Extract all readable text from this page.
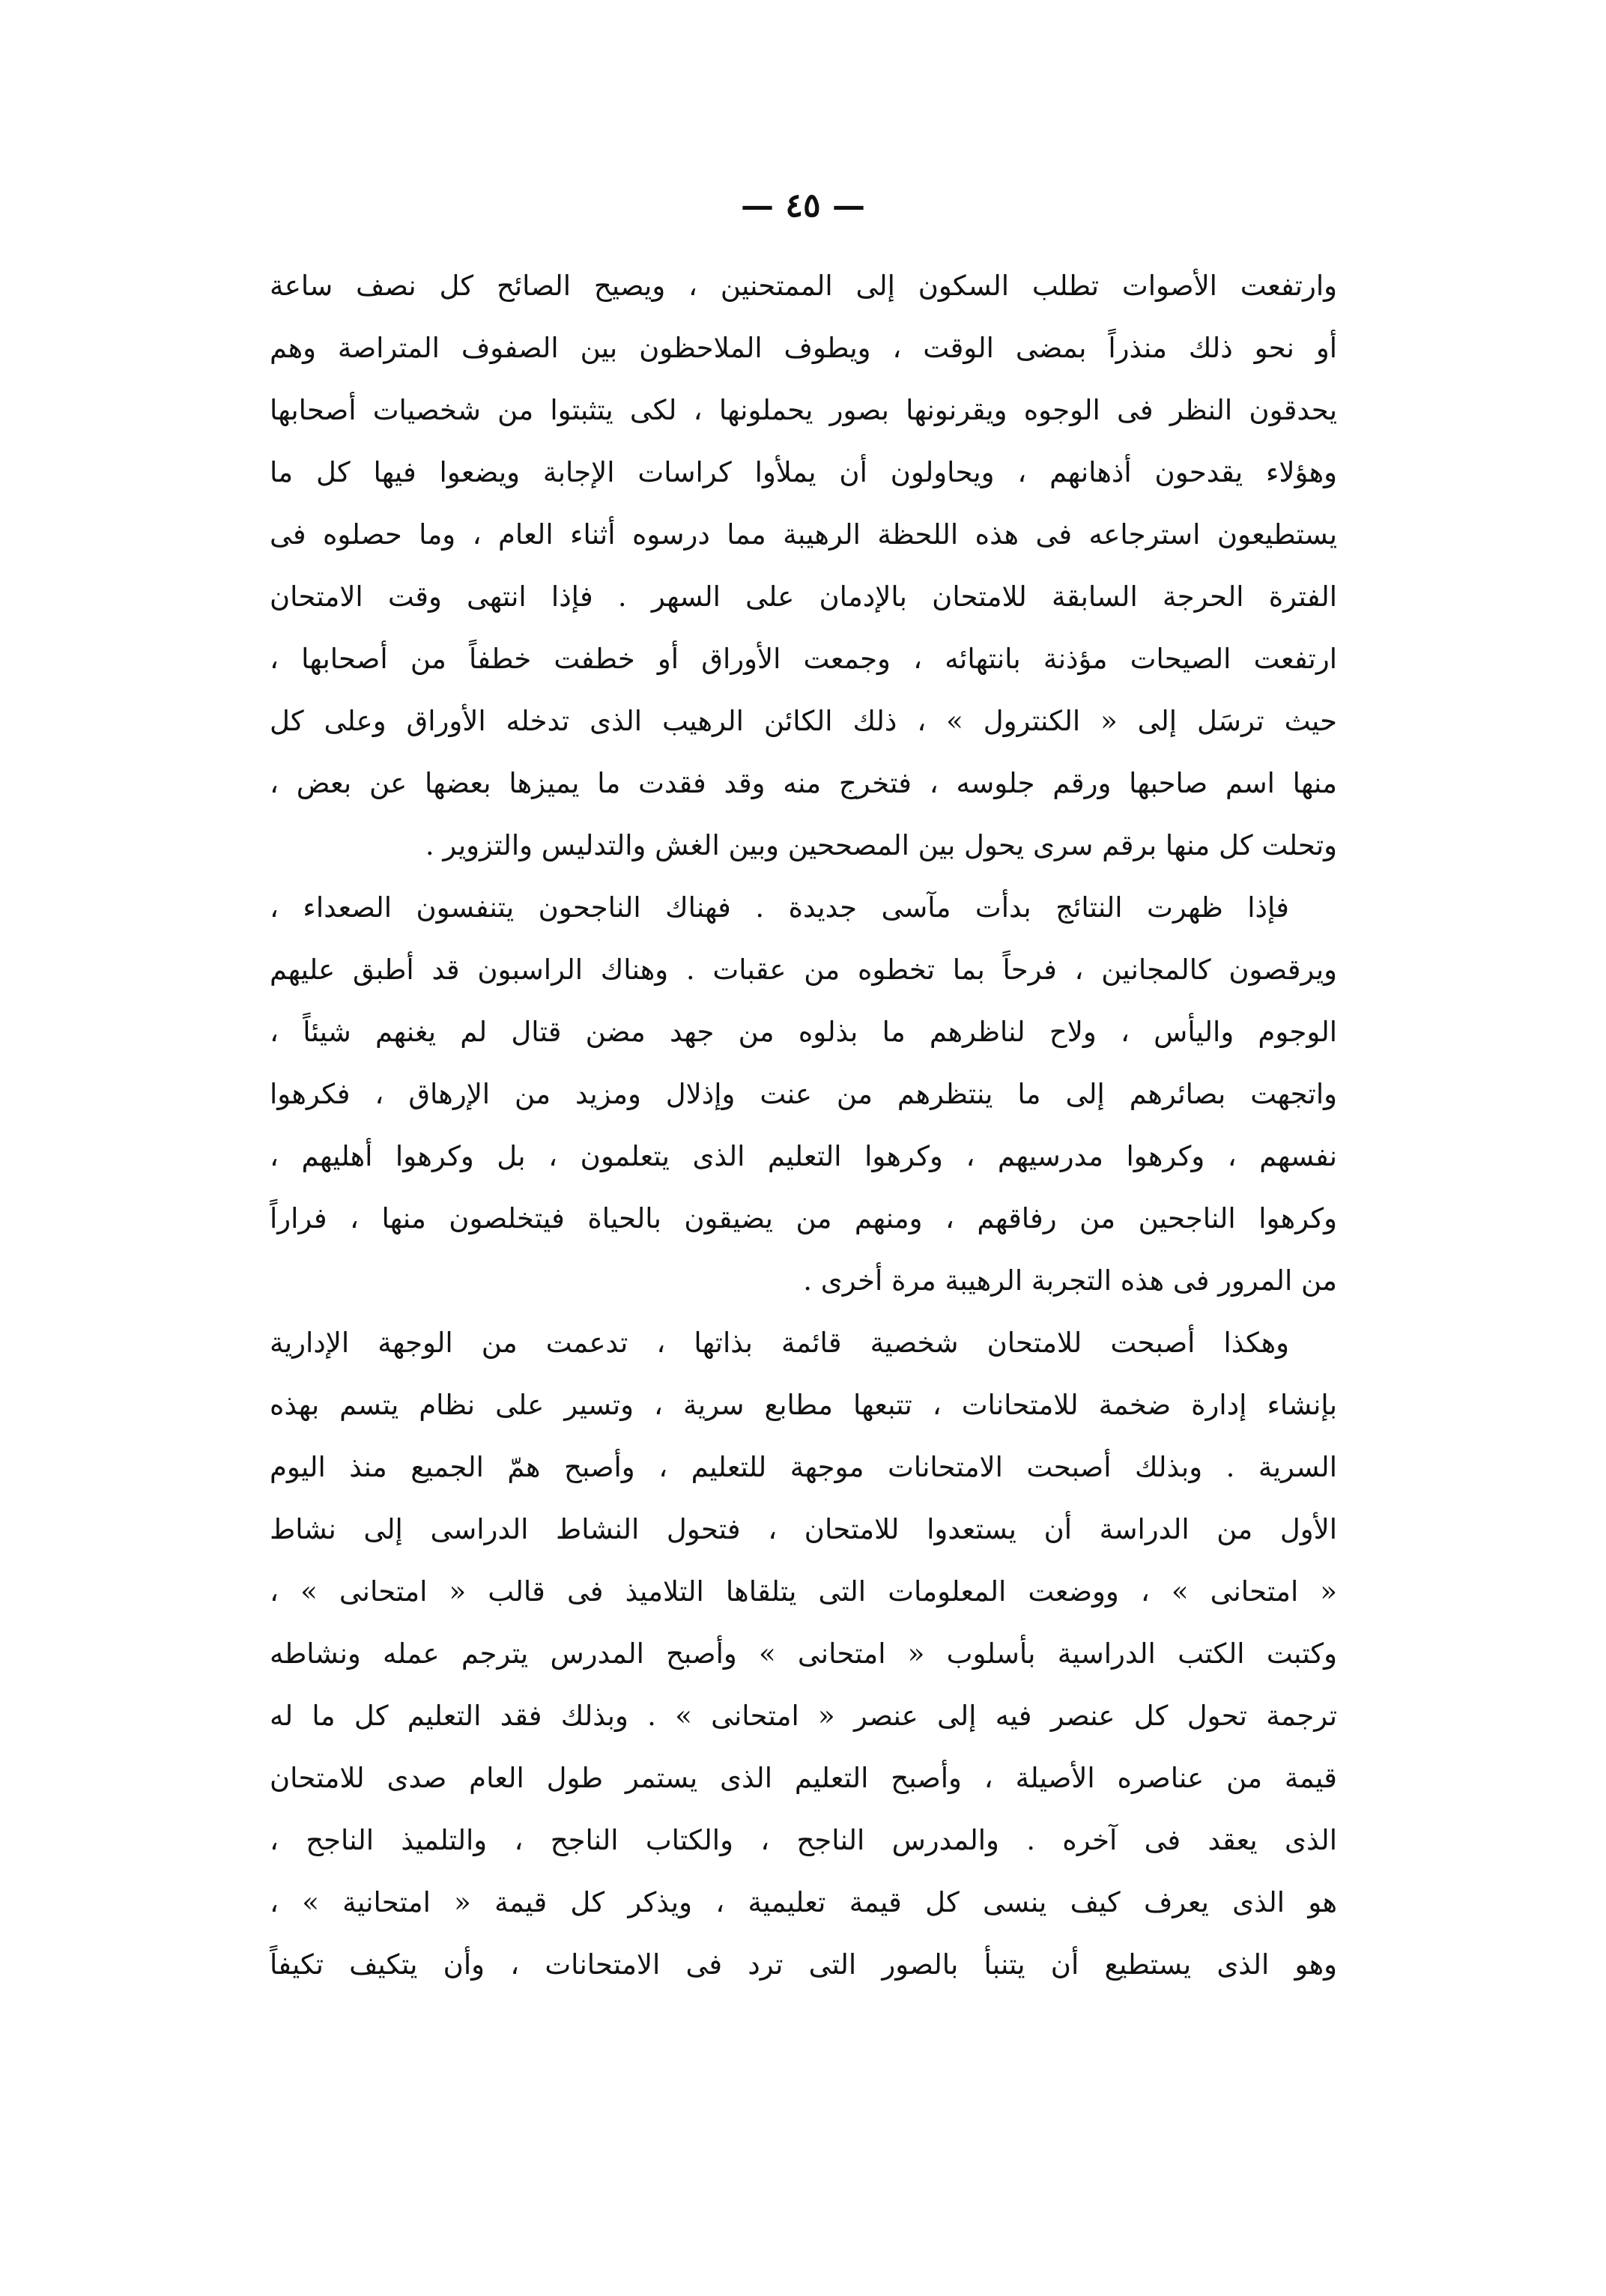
— ٤٥ —
وارتفعت الأصوات تطلب السكون إلى الممتحنين ، ويصيح الصائح كل نصف ساعة
أو نحو ذلك منذراً بمضى الوقت ، ويطوف الملاحظون بين الصفوف المتراصة وهم
يحدقون النظر فى الوجوه ويقرنونها بصور يحملونها ، لكى يتثبتوا من شخصيات أصحابها
وهؤلاء يقدحون أذهانهم ، ويحاولون أن يملأوا كراسات الإجابة ويضعوا فيها كل ما
يستطيعون استرجاعه فى هذه اللحظة الرهيبة مما درسوه أثناء العام ، وما حصلوه فى
الفترة الحرجة السابقة للامتحان بالإدمان على السهر . فإذا انتهى وقت الامتحان
ارتفعت الصيحات مؤذنة بانتهائه ، وجمعت الأوراق أو خطفت خطفاً من أصحابها ،
حيث ترسَل إلى « الكنترول » ، ذلك الكائن الرهيب الذى تدخله الأوراق وعلى كل
منها اسم صاحبها ورقم جلوسه ، فتخرج منه وقد فقدت ما يميزها بعضها عن بعض ،
وتحلت كل منها برقم سرى يحول بين المصححين وبين الغش والتدليس والتزوير .
فإذا ظهرت النتائج بدأت مآسى جديدة . فهناك الناجحون يتنفسون الصعداء ،
ويرقصون كالمجانين ، فرحاً بما تخطوه من عقبات . وهناك الراسبون قد أطبق عليهم
الوجوم واليأس ، ولاح لناظرهم ما بذلوه من جهد مضن قتال لم يغنهم شيئاً ،
واتجهت بصائرهم إلى ما ينتظرهم من عنت وإذلال ومزيد من الإرهاق ، فكرهوا
نفسهم ، وكرهوا مدرسيهم ، وكرهوا التعليم الذى يتعلمون ، بل وكرهوا أهليهم ،
وكرهوا الناجحين من رفاقهم ، ومنهم من يضيقون بالحياة فيتخلصون منها ، فراراً
من المرور فى هذه التجربة الرهيبة مرة أخرى .
وهكذا أصبحت للامتحان شخصية قائمة بذاتها ، تدعمت من الوجهة الإدارية
بإنشاء إدارة ضخمة للامتحانات ، تتبعها مطابع سرية ، وتسير على نظام يتسم بهذه
السرية . وبذلك أصبحت الامتحانات موجهة للتعليم ، وأصبح همّ الجميع منذ اليوم
الأول من الدراسة أن يستعدوا للامتحان ، فتحول النشاط الدراسى إلى نشاط
« امتحانى » ، ووضعت المعلومات التى يتلقاها التلاميذ فى قالب « امتحانى » ،
وكتبت الكتب الدراسية بأسلوب « امتحانى » وأصبح المدرس يترجم عمله ونشاطه
ترجمة تحول كل عنصر فيه إلى عنصر « امتحانى » . وبذلك فقد التعليم كل ما له
قيمة من عناصره الأصيلة ، وأصبح التعليم الذى يستمر طول العام صدى للامتحان
الذى يعقد فى آخره . والمدرس الناجح ، والكتاب الناجح ، والتلميذ الناجح ،
هو الذى يعرف كيف ينسى كل قيمة تعليمية ، ويذكر كل قيمة « امتحانية » ،
وهو الذى يستطيع أن يتنبأ بالصور التى ترد فى الامتحانات ، وأن يتكيف تكيفاً
